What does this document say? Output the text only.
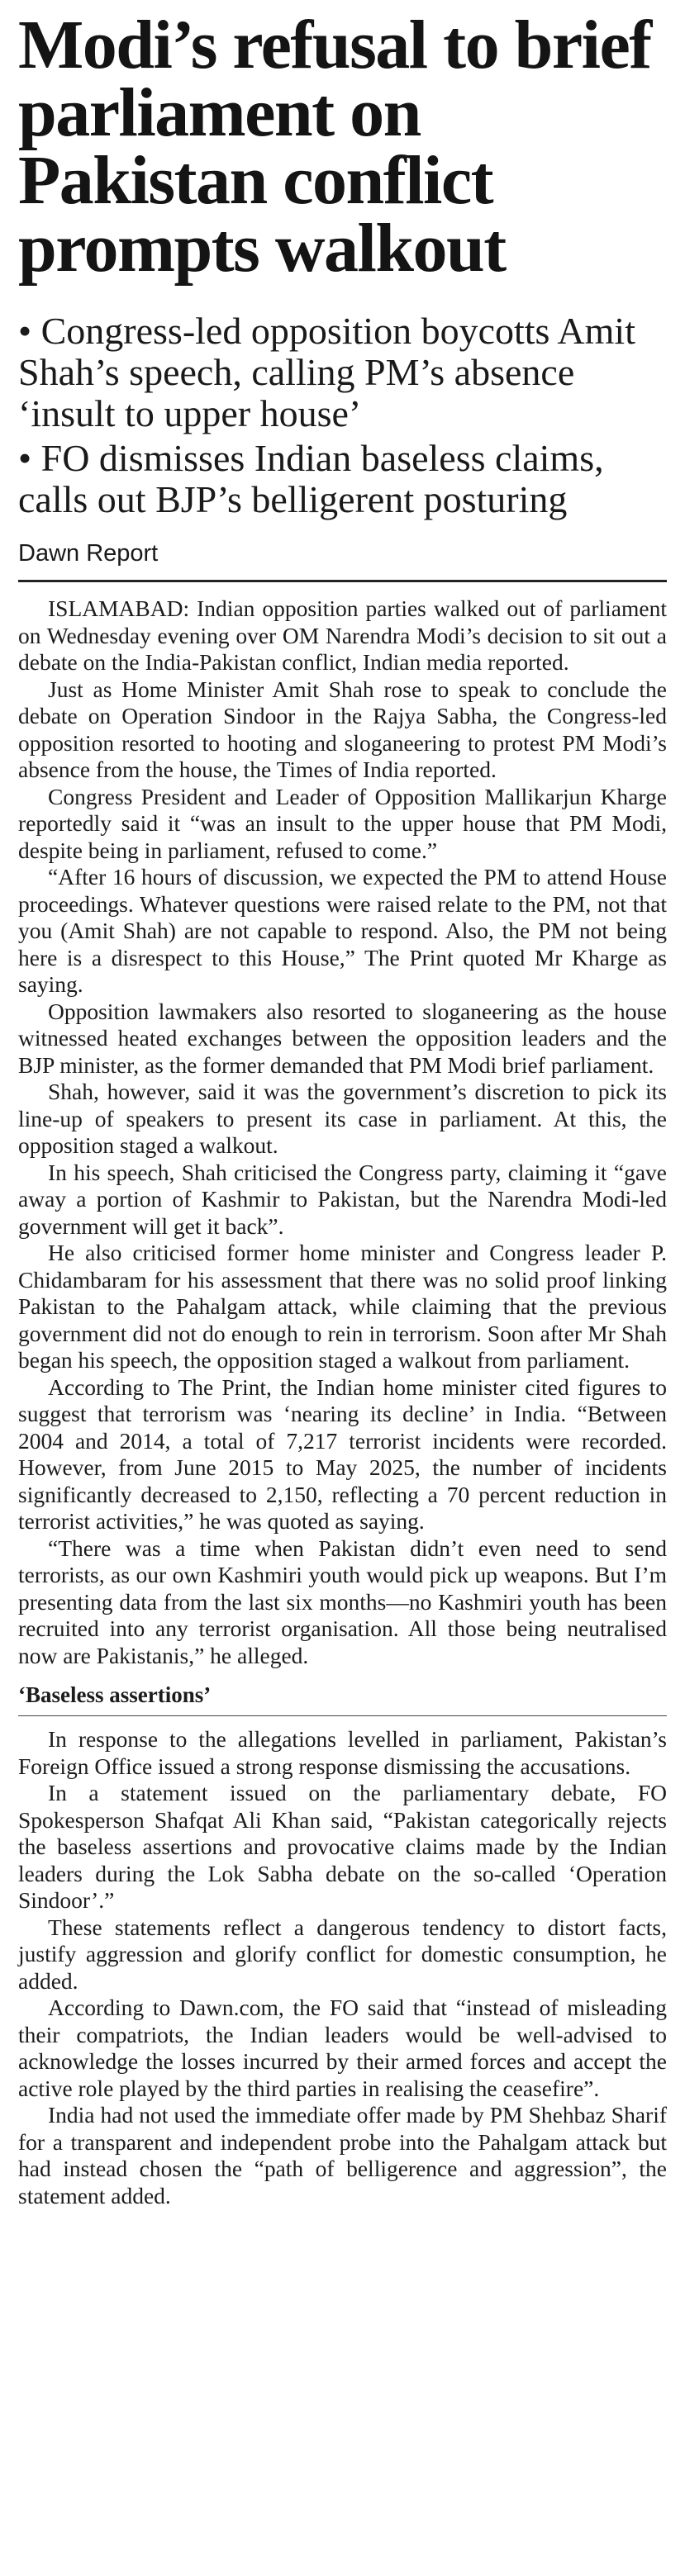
Modi’s refusal to brief parliament on Pakistan conflict prompts walkout
• Congress-led opposition boycotts Amit Shah’s speech, calling PM’s absence ‘insult to upper house’
• FO dismisses Indian baseless claims, calls out BJP’s belligerent posturing
Dawn Report

ISLAMABAD: Indian opposition parties walked out of parliament on Wednesday evening over OM Narendra Modi’s decision to sit out a debate on the India-Pakistan conflict, Indian media reported.

Just as Home Minister Amit Shah rose to speak to conclude the debate on Operation Sindoor in the Rajya Sabha, the Congress-led opposition resorted to hooting and sloganeering to protest PM Modi’s absence from the house, the Times of India reported.

Congress President and Leader of Opposition Mallikarjun Kharge reportedly said it “was an insult to the upper house that PM Modi, despite being in parliament, refused to come.”

“After 16 hours of discussion, we expected the PM to attend House proceedings. Whatever questions were raised relate to the PM, not that you (Amit Shah) are not capable to respond. Also, the PM not being here is a disrespect to this House,” The Print quoted Mr Kharge as saying.

Opposition lawmakers also resorted to sloganeering as the house witnessed heated exchanges between the opposition leaders and the BJP minister, as the former demanded that PM Modi brief parliament.

Shah, however, said it was the government’s discretion to pick its line-up of speakers to present its case in parliament. At this, the opposition staged a walkout.

In his speech, Shah criticised the Congress party, claiming it “gave away a portion of Kashmir to Pakistan, but the Narendra Modi-led government will get it back”.

He also criticised former home minister and Congress leader P. Chidambaram for his assessment that there was no solid proof linking Pakistan to the Pahalgam attack, while claiming that the previous government did not do enough to rein in terrorism. Soon after Mr Shah began his speech, the opposition staged a walkout from parliament.

According to The Print, the Indian home minister cited figures to suggest that terrorism was ‘nearing its decline’ in India. “Between 2004 and 2014, a total of 7,217 terrorist incidents were recorded. However, from June 2015 to May 2025, the number of incidents significantly decreased to 2,150, reflecting a 70 percent reduction in terrorist activities,” he was quoted as saying.

“There was a time when Pakistan didn’t even need to send terrorists, as our own Kashmiri youth would pick up weapons. But I’m presenting data from the last six months—no Kashmiri youth has been recruited into any terrorist organisation. All those being neutralised now are Pakistanis,” he alleged.

‘Baseless assertions’

In response to the allegations levelled in parliament, Pakistan’s Foreign Office issued a strong response dismissing the accusations.

In a statement issued on the parliamentary debate, FO Spokesperson Shafqat Ali Khan said, “Pakistan categorically rejects the baseless assertions and provocative claims made by the Indian leaders during the Lok Sabha debate on the so-called ‘Operation Sindoor’.”

These statements reflect a dangerous tendency to distort facts, justify aggression and glorify conflict for domestic consumption, he added.

According to Dawn.com, the FO said that “instead of misleading their compatriots, the Indian leaders would be well-advised to acknowledge the losses incurred by their armed forces and accept the active role played by the third parties in realising the ceasefire”.

India had not used the immediate offer made by PM Shehbaz Sharif for a transparent and independent probe into the Pahalgam attack but had instead chosen the “path of belligerence and aggression”, the statement added.
